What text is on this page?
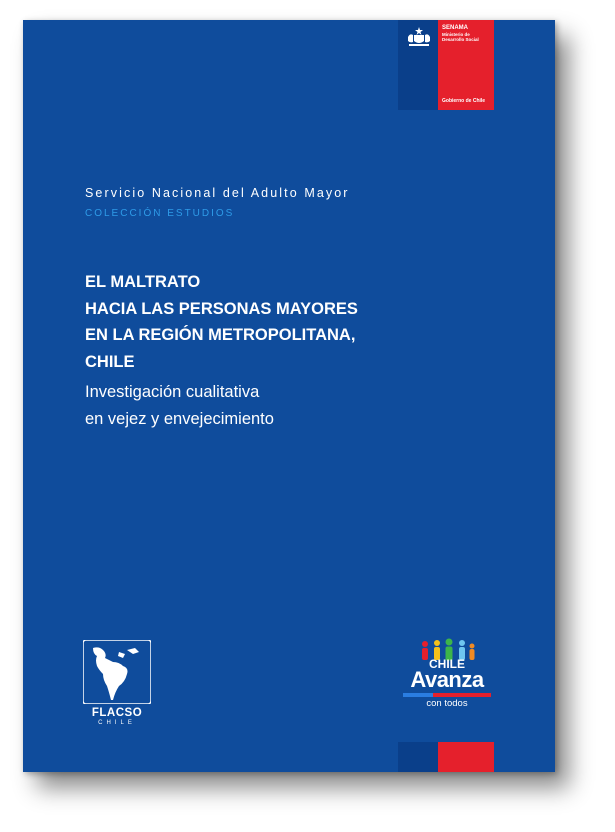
SENAMA
Ministerio de Desarrollo Social
Gobierno de Chile
Servicio Nacional del Adulto Mayor
COLECCIÓN ESTUDIOS
EL MALTRATO
HACIA LAS PERSONAS MAYORES
EN LA REGIÓN METROPOLITANA,
CHILE
Investigación cualitativa
en vejez y envejecimiento
FLACSO
CHILE
CHILE
Avanza
con todos
